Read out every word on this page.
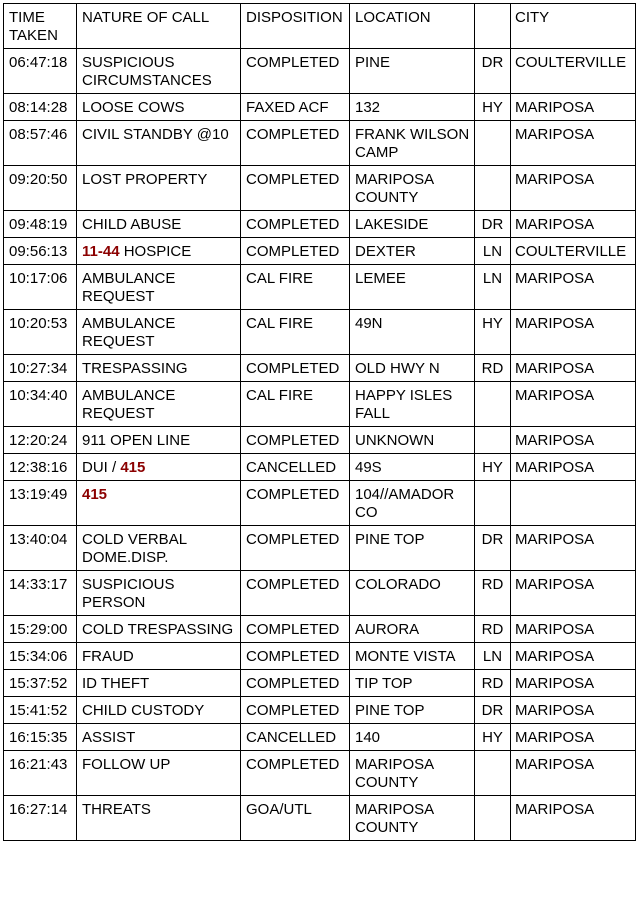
TIME TAKEN	NATURE OF CALL	DISPOSITION	LOCATION		CITY
06:47:18	SUSPICIOUS CIRCUMSTANCES	COMPLETED	PINE	DR	COULTERVILLE
08:14:28	LOOSE COWS	FAXED ACF	132	HY	MARIPOSA
08:57:46	CIVIL STANDBY @10	COMPLETED	FRANK WILSON CAMP		MARIPOSA
09:20:50	LOST PROPERTY	COMPLETED	MARIPOSA COUNTY		MARIPOSA
09:48:19	CHILD ABUSE	COMPLETED	LAKESIDE	DR	MARIPOSA
09:56:13	11-44 HOSPICE	COMPLETED	DEXTER	LN	COULTERVILLE
10:17:06	AMBULANCE REQUEST	CAL FIRE	LEMEE	LN	MARIPOSA
10:20:53	AMBULANCE REQUEST	CAL FIRE	49N	HY	MARIPOSA
10:27:34	TRESPASSING	COMPLETED	OLD HWY N	RD	MARIPOSA
10:34:40	AMBULANCE REQUEST	CAL FIRE	HAPPY ISLES FALL		MARIPOSA
12:20:24	911 OPEN LINE	COMPLETED	UNKNOWN		MARIPOSA
12:38:16	DUI / 415	CANCELLED	49S	HY	MARIPOSA
13:19:49	415	COMPLETED	104//AMADOR CO		
13:40:04	COLD VERBAL DOME.DISP.	COMPLETED	PINE TOP	DR	MARIPOSA
14:33:17	SUSPICIOUS PERSON	COMPLETED	COLORADO	RD	MARIPOSA
15:29:00	COLD TRESPASSING	COMPLETED	AURORA	RD	MARIPOSA
15:34:06	FRAUD	COMPLETED	MONTE VISTA	LN	MARIPOSA
15:37:52	ID THEFT	COMPLETED	TIP TOP	RD	MARIPOSA
15:41:52	CHILD CUSTODY	COMPLETED	PINE TOP	DR	MARIPOSA
16:15:35	ASSIST	CANCELLED	140	HY	MARIPOSA
16:21:43	FOLLOW UP	COMPLETED	MARIPOSA COUNTY		MARIPOSA
16:27:14	THREATS	GOA/UTL	MARIPOSA COUNTY		MARIPOSA
